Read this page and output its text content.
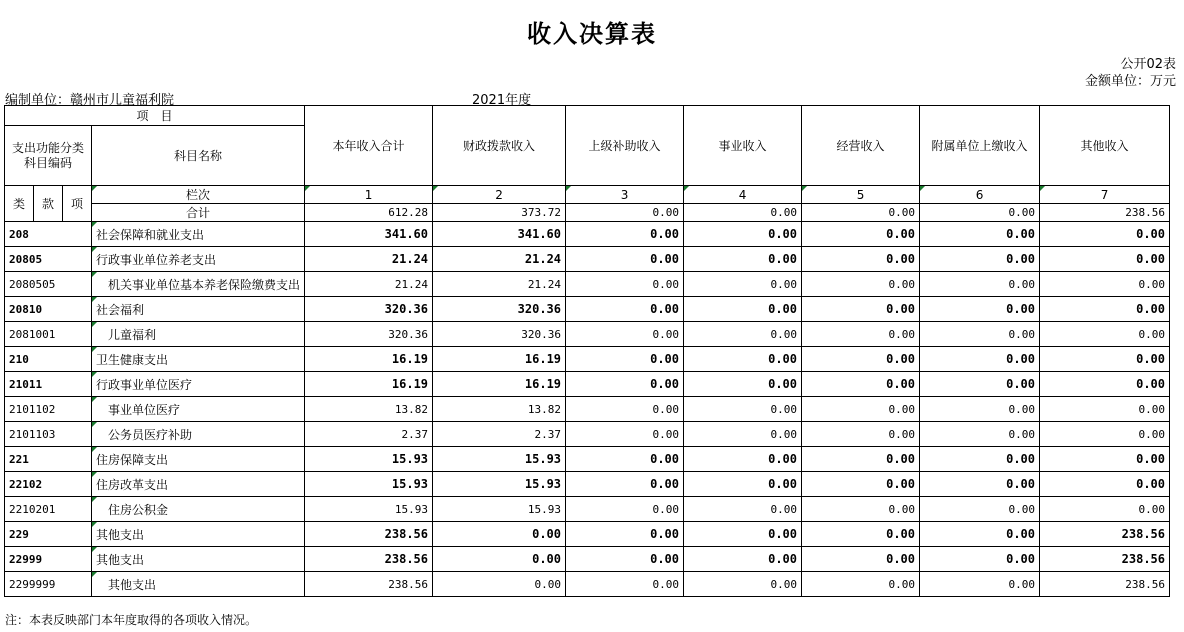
收入决算表
公开02表
金额单位：万元
编制单位：赣州市儿童福利院	2021年度
项　目				本年收入合计	财政拨款收入	上级补助收入	事业收入	经营收入	附属单位上缴收入	其他收入
支出功能分类科目编码			科目名称							
类	款	项	栏次	1	2	3	4	5	6	7
			合计	612.28	373.72	0.00	0.00	0.00	0.00	238.56
208			社会保障和就业支出	341.60	341.60	0.00	0.00	0.00	0.00	0.00
20805			行政事业单位养老支出	21.24	21.24	0.00	0.00	0.00	0.00	0.00
2080505			机关事业单位基本养老保险缴费支出	21.24	21.24	0.00	0.00	0.00	0.00	0.00
20810			社会福利	320.36	320.36	0.00	0.00	0.00	0.00	0.00
2081001			儿童福利	320.36	320.36	0.00	0.00	0.00	0.00	0.00
210			卫生健康支出	16.19	16.19	0.00	0.00	0.00	0.00	0.00
21011			行政事业单位医疗	16.19	16.19	0.00	0.00	0.00	0.00	0.00
2101102			事业单位医疗	13.82	13.82	0.00	0.00	0.00	0.00	0.00
2101103			公务员医疗补助	2.37	2.37	0.00	0.00	0.00	0.00	0.00
221			住房保障支出	15.93	15.93	0.00	0.00	0.00	0.00	0.00
22102			住房改革支出	15.93	15.93	0.00	0.00	0.00	0.00	0.00
2210201			住房公积金	15.93	15.93	0.00	0.00	0.00	0.00	0.00
229			其他支出	238.56	0.00	0.00	0.00	0.00	0.00	238.56
22999			其他支出	238.56	0.00	0.00	0.00	0.00	0.00	238.56
2299999			其他支出	238.56	0.00	0.00	0.00	0.00	0.00	238.56
注：本表反映部门本年度取得的各项收入情况。
